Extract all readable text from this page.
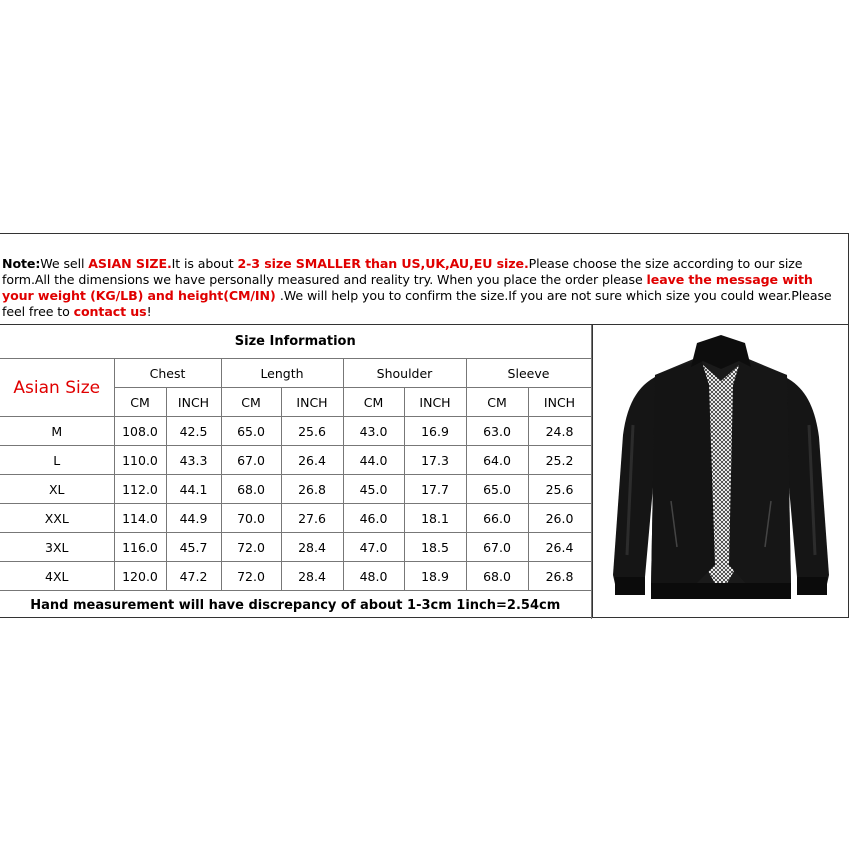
Note:We sell ASIAN SIZE.It is about 2-3 size SMALLER than US,UK,AU,EU size.Please choose the size according to our size form.All the dimensions we have personally measured and reality try. When you place the order please leave the message with your weight (KG/LB) and height(CM/IN) .We will help you to confirm the size.If you are not sure which size you could wear.Please feel free to contact us!
Size Information								
Asian Size	Chest		Length		Shoulder		Sleeve	
	CM	INCH	CM	INCH	CM	INCH	CM	INCH
M	108.0	42.5	65.0	25.6	43.0	16.9	63.0	24.8
L	110.0	43.3	67.0	26.4	44.0	17.3	64.0	25.2
XL	112.0	44.1	68.0	26.8	45.0	17.7	65.0	25.6
XXL	114.0	44.9	70.0	27.6	46.0	18.1	66.0	26.0
3XL	116.0	45.7	72.0	28.4	47.0	18.5	67.0	26.4
4XL	120.0	47.2	72.0	28.4	48.0	18.9	68.0	26.8
Hand measurement will have discrepancy of about 1-3cm 1inch=2.54cm								
